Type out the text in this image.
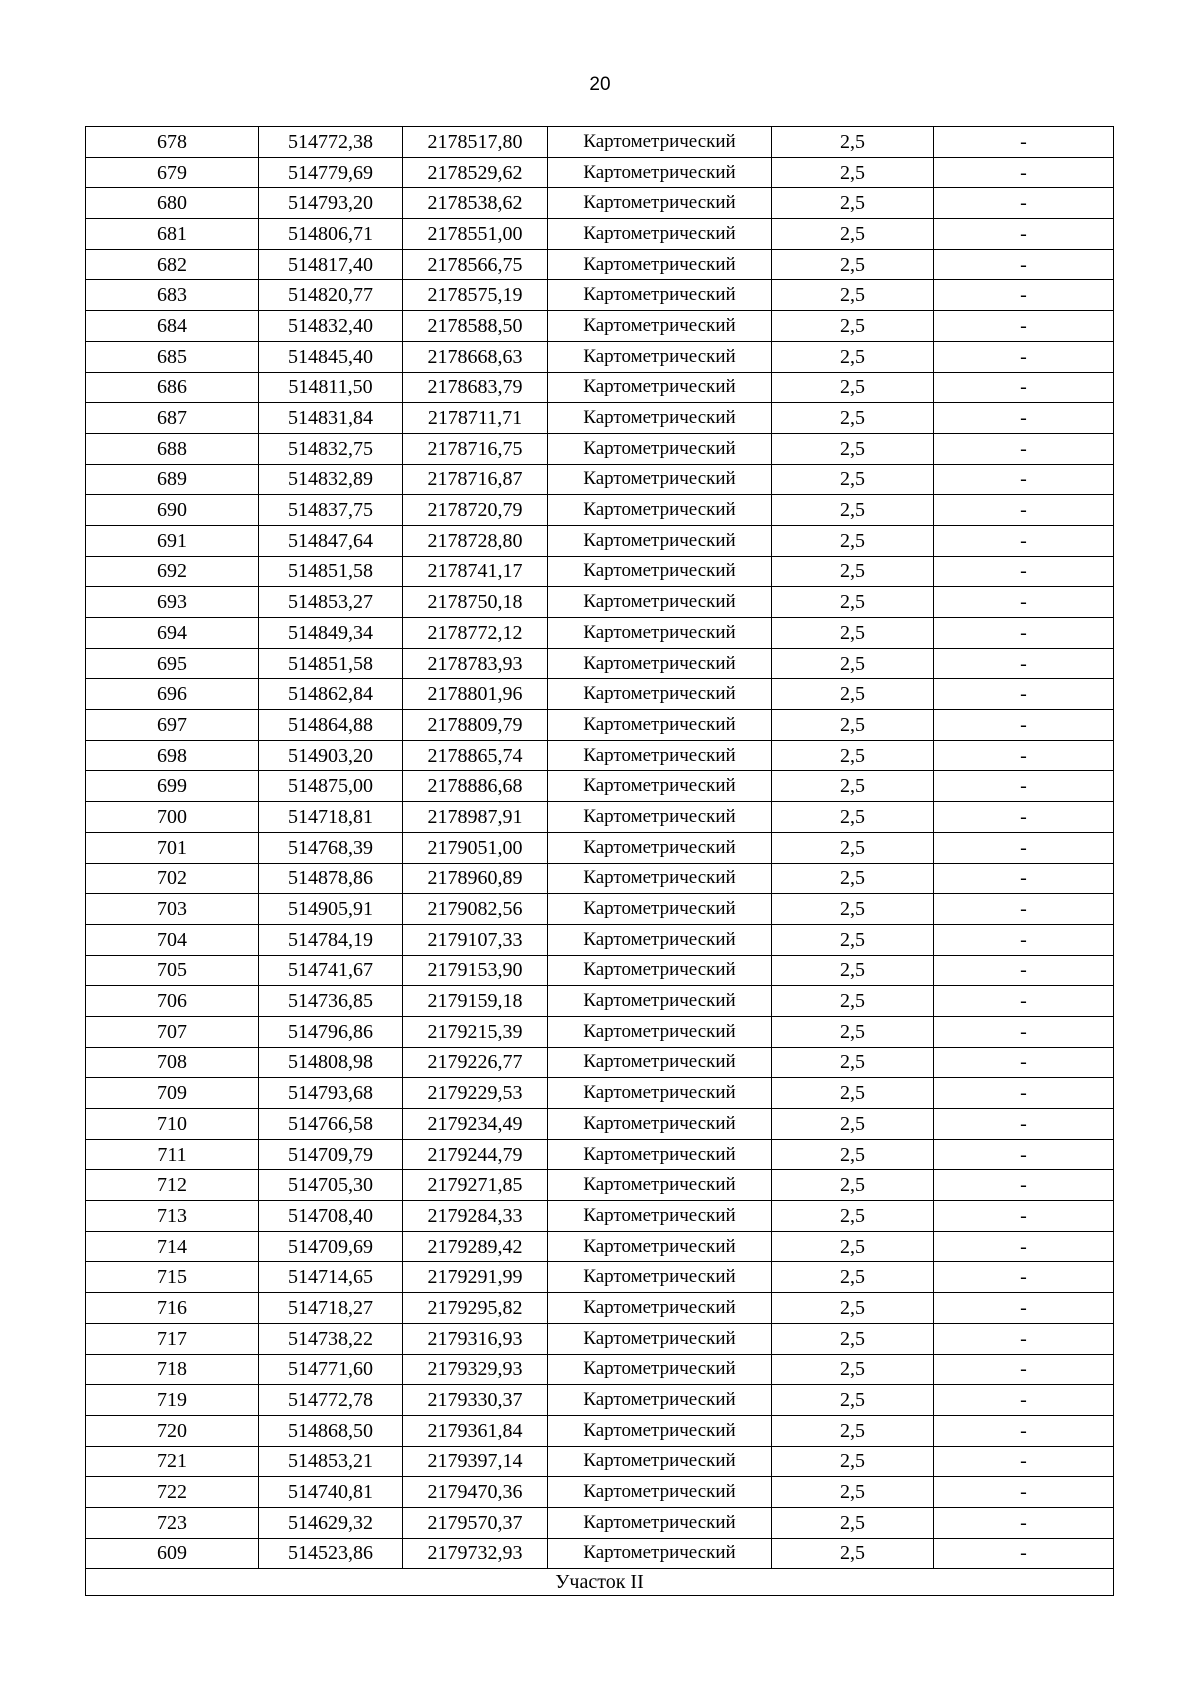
20
678	514772,38	2178517,80	Картометрический	2,5	-
679	514779,69	2178529,62	Картометрический	2,5	-
680	514793,20	2178538,62	Картометрический	2,5	-
681	514806,71	2178551,00	Картометрический	2,5	-
682	514817,40	2178566,75	Картометрический	2,5	-
683	514820,77	2178575,19	Картометрический	2,5	-
684	514832,40	2178588,50	Картометрический	2,5	-
685	514845,40	2178668,63	Картометрический	2,5	-
686	514811,50	2178683,79	Картометрический	2,5	-
687	514831,84	2178711,71	Картометрический	2,5	-
688	514832,75	2178716,75	Картометрический	2,5	-
689	514832,89	2178716,87	Картометрический	2,5	-
690	514837,75	2178720,79	Картометрический	2,5	-
691	514847,64	2178728,80	Картометрический	2,5	-
692	514851,58	2178741,17	Картометрический	2,5	-
693	514853,27	2178750,18	Картометрический	2,5	-
694	514849,34	2178772,12	Картометрический	2,5	-
695	514851,58	2178783,93	Картометрический	2,5	-
696	514862,84	2178801,96	Картометрический	2,5	-
697	514864,88	2178809,79	Картометрический	2,5	-
698	514903,20	2178865,74	Картометрический	2,5	-
699	514875,00	2178886,68	Картометрический	2,5	-
700	514718,81	2178987,91	Картометрический	2,5	-
701	514768,39	2179051,00	Картометрический	2,5	-
702	514878,86	2178960,89	Картометрический	2,5	-
703	514905,91	2179082,56	Картометрический	2,5	-
704	514784,19	2179107,33	Картометрический	2,5	-
705	514741,67	2179153,90	Картометрический	2,5	-
706	514736,85	2179159,18	Картометрический	2,5	-
707	514796,86	2179215,39	Картометрический	2,5	-
708	514808,98	2179226,77	Картометрический	2,5	-
709	514793,68	2179229,53	Картометрический	2,5	-
710	514766,58	2179234,49	Картометрический	2,5	-
711	514709,79	2179244,79	Картометрический	2,5	-
712	514705,30	2179271,85	Картометрический	2,5	-
713	514708,40	2179284,33	Картометрический	2,5	-
714	514709,69	2179289,42	Картометрический	2,5	-
715	514714,65	2179291,99	Картометрический	2,5	-
716	514718,27	2179295,82	Картометрический	2,5	-
717	514738,22	2179316,93	Картометрический	2,5	-
718	514771,60	2179329,93	Картометрический	2,5	-
719	514772,78	2179330,37	Картометрический	2,5	-
720	514868,50	2179361,84	Картометрический	2,5	-
721	514853,21	2179397,14	Картометрический	2,5	-
722	514740,81	2179470,36	Картометрический	2,5	-
723	514629,32	2179570,37	Картометрический	2,5	-
609	514523,86	2179732,93	Картометрический	2,5	-
Участок II					
